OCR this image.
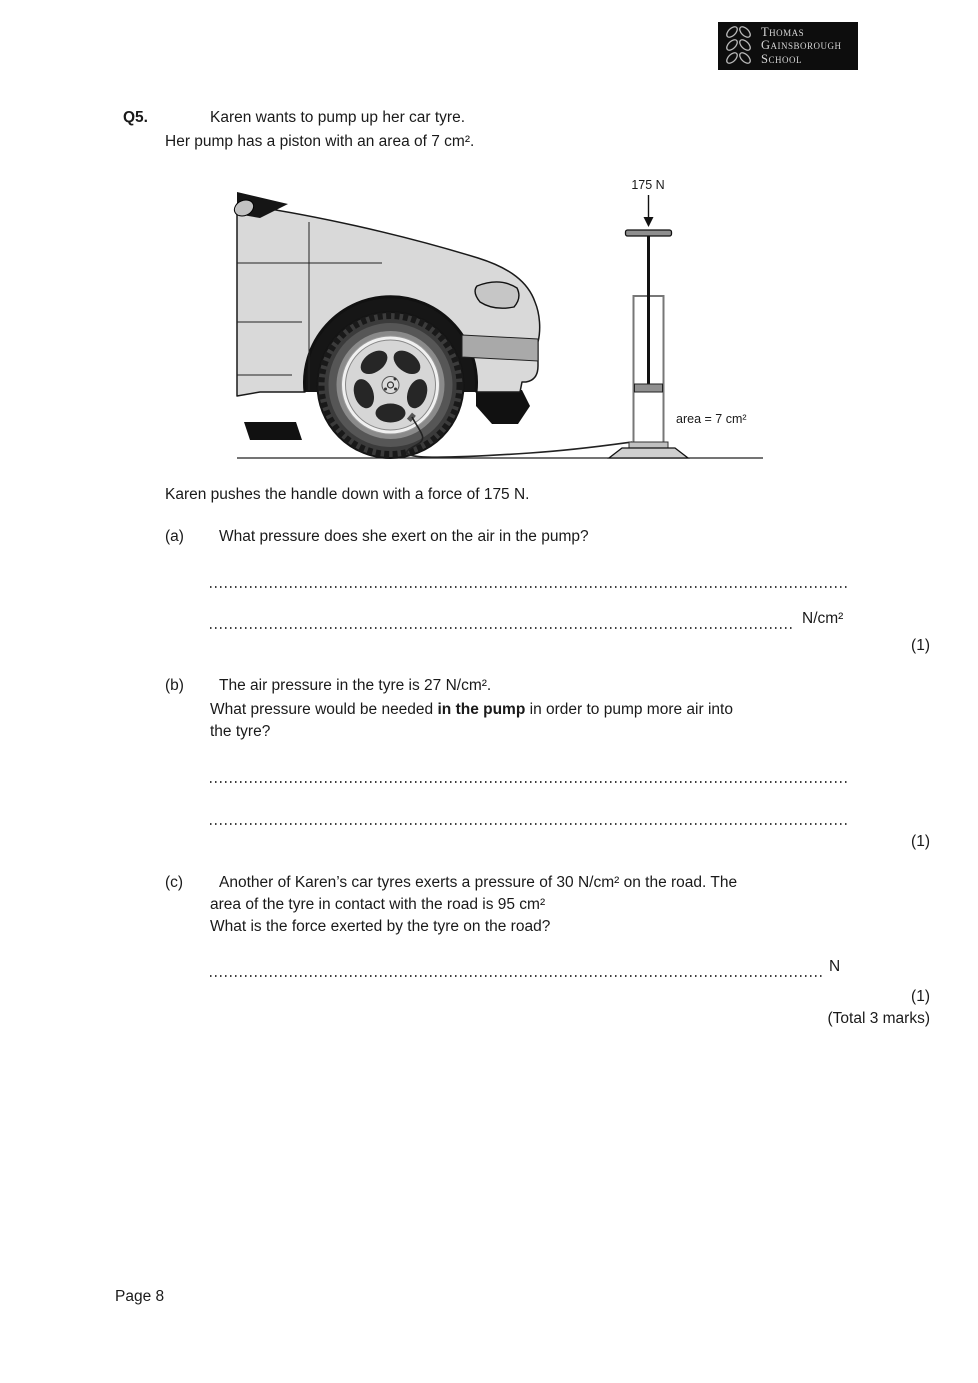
Thomas
Gainsborough
School
Q5.	Karen wants to pump up her car tyre.
Her pump has a piston with an area of 7 cm².
175 N
area = 7 cm²
Karen pushes the handle down with a force of 175 N.
(a) What pressure does she exert on the air in the pump?
N/cm²
(1)
(b) The air pressure in the tyre is 27 N/cm².
What pressure would be needed in the pump in order to pump more air into
the tyre?
(1)
(c) Another of Karen’s car tyres exerts a pressure of 30 N/cm² on the road. The
area of the tyre in contact with the road is 95 cm²
What is the force exerted by the tyre on the road?
N
(1)
(Total 3 marks)
Page 8
